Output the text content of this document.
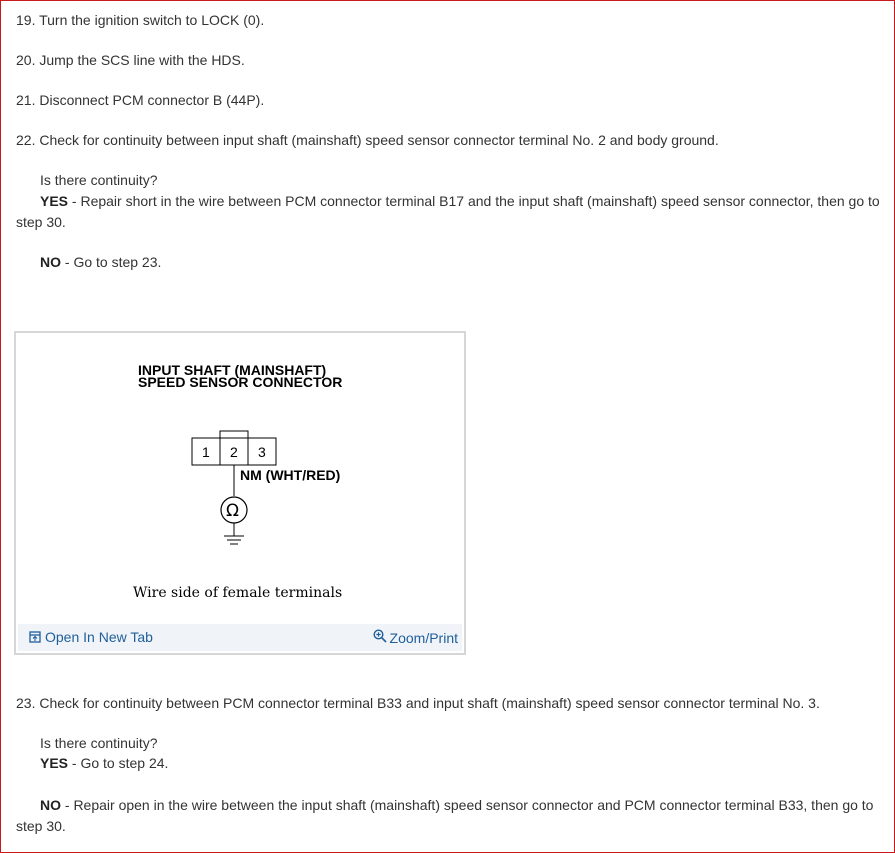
19. Turn the ignition switch to LOCK (0).
20. Jump the SCS line with the HDS.
21. Disconnect PCM connector B (44P).
22. Check for continuity between input shaft (mainshaft) speed sensor connector terminal No. 2 and body ground.
Is there continuity?
YES - Repair short in the wire between PCM connector terminal B17 and the input shaft (mainshaft) speed sensor connector, then go to step 30.
NO - Go to step 23.
INPUT SHAFT (MAINSHAFT)
SPEED SENSOR CONNECTOR
1 2 3
NM (WHT/RED)
Ω
Wire side of female terminals
Open In New Tab	Zoom/Print
23. Check for continuity between PCM connector terminal B33 and input shaft (mainshaft) speed sensor connector terminal No. 3.
Is there continuity?
YES - Go to step 24.
NO - Repair open in the wire between the input shaft (mainshaft) speed sensor connector and PCM connector terminal B33, then go to step 30.
